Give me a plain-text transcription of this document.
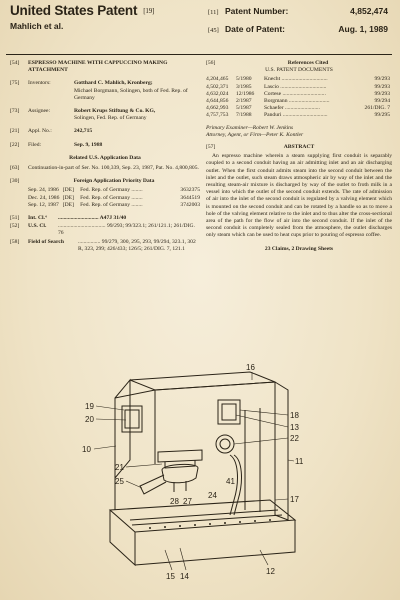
United States Patent [19]
Mahlich et al.
[11] Patent Number:	4,852,474
[45] Date of Patent:	Aug. 1, 1989
[54]	ESPRESSO MACHINE WITH CAPPUCCINO MAKING ATTACHMENT
[75]	Inventors:	Gotthard C. Mahlich, Kronberg;
Michael Borgmann, Solingen, both of Fed. Rep. of Germany
[73]	Assignee:	Robert Krups Stiftung & Co. KG,
Solingen, Fed. Rep. of Germany
[21]	Appl. No.:	242,715
[22]	Filed:	Sep. 9, 1988
Related U.S. Application Data
[63]	Continuation-in-part of Ser. No. 100,339, Sep. 23, 1987, Pat. No. 4,800,805.
[30]	Foreign Application Priority Data
Sep. 24, 1986 [DE]	Fed. Rep. of Germany ........	3632375
Dec. 24, 1986 [DE]	Fed. Rep. of Germany ........	3644519
Sep. 12, 1987 [DE]	Fed. Rep. of Germany ........	3742003
[51]	Int. Cl.⁴	............................. A47J 31/40
[52]	U.S. Cl.	.................................. 99/293; 99/323.1; 261/121.1; 261/DIG. 76
[58]	Field of Search	................ 99/279, 300, 295, 293, 99/294, 323.1, 302 R, 323, 299; 426/433; 126/5; 261/DIG. 7, 121.1
[56]	References Cited
U.S. PATENT DOCUMENTS
4,204,465	5/1980	Knecht .................................	99/293
4,502,371	3/1985	Lascio .................................	99/293
4,632,024	12/1986	Cortese ...............................	99/293
4,644,856	2/1987	Borgmann .............................	99/294
4,662,993	5/1987	Schaefer .........................	261/DIG. 7
4,757,753	7/1988	Panduri ................................	99/295
Primary Examiner—Robert W. Jenkins
Attorney, Agent, or Firm—Peter K. Kontler
[57]	ABSTRACT
An espresso machine wherein a steam supplying first conduit is separably coupled to a second conduit having an air admitting inlet and an air discharging outlet. When the first conduit admits steam into the second conduit between the inlet and the outlet, such steam draws atmospheric air by way of the inlet and the resulting steam-air mixture is discharged by way of the outlet to froth milk in a vessel into which the outlet of the second conduit extends. The rate of admission of air into the inlet of the second conduit is regulated by a valving element which is mounted on the second conduit and can be rotated by a handle so as to move a hole of the valving element relative to the inlet and to thus alter the cross-sectional area of the path for the flow of air into the second conduit. If the inlet of the second conduit is completely sealed from the atmosphere, the outlet discharges only steam which can be used to heat cups prior to pouring of espresso coffee.
23 Claims, 2 Drawing Sheets
16
19
20
10
21
25
18
13
22
11
28 27
24
41
17
15 14
12
